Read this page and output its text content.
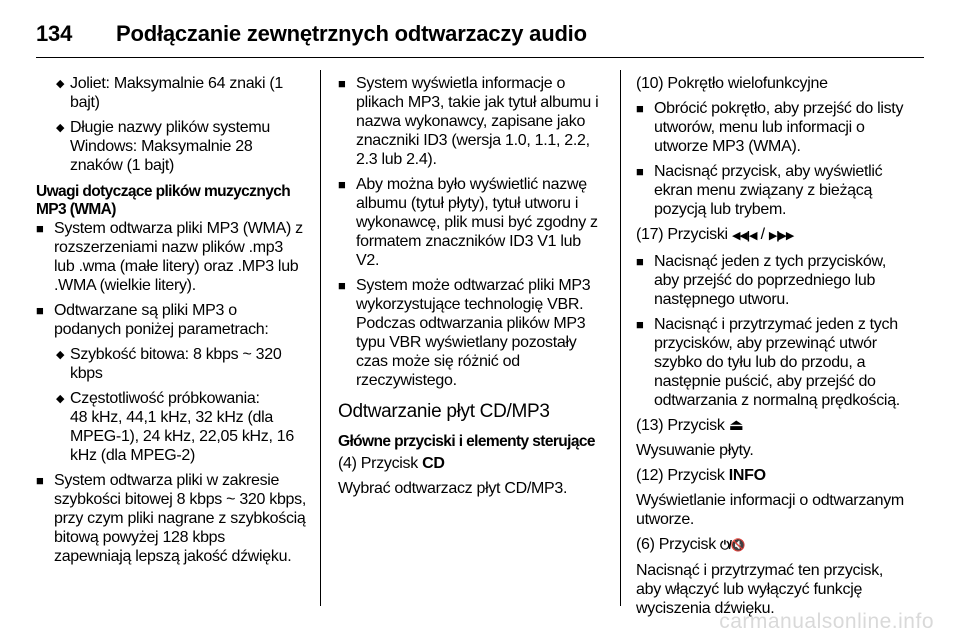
134	Podłączanie zewnętrznych odtwarzaczy audio
◆ Joliet: Maksymalnie 64 znaki (1 bajt)
◆ Długie nazwy plików systemu Windows: Maksymalnie 28 znaków (1 bajt)
Uwagi dotyczące plików muzycznych MP3 (WMA)
■ System odtwarza pliki MP3 (WMA) z rozszerzeniami nazw plików .mp3 lub .wma (małe litery) oraz .MP3 lub .WMA (wielkie litery).
■ Odtwarzane są pliki MP3 o podanych poniżej parametrach:
◆ Szybkość bitowa: 8 kbps ~ 320 kbps
◆ Częstotliwość próbkowania:
48 kHz, 44,1 kHz, 32 kHz (dla MPEG-1), 24 kHz, 22,05 kHz, 16 kHz (dla MPEG-2)
■ System odtwarza pliki w zakresie szybkości bitowej 8 kbps ~ 320 kbps, przy czym pliki nagrane z szybkością bitową powyżej 128 kbps zapewniają lepszą jakość dźwięku.
■ System wyświetla informacje o plikach MP3, takie jak tytuł albumu i nazwa wykonawcy, zapisane jako znaczniki ID3 (wersja 1.0, 1.1, 2.2, 2.3 lub 2.4).
■ Aby można było wyświetlić nazwę albumu (tytuł płyty), tytuł utworu i wykonawcę, plik musi być zgodny z formatem znaczników ID3 V1 lub V2.
■ System może odtwarzać pliki MP3 wykorzystujące technologię VBR. Podczas odtwarzania plików MP3 typu VBR wyświetlany pozostały czas może się różnić od rzeczywistego.
Odtwarzanie płyt CD/MP3
Główne przyciski i elementy sterujące
(4) Przycisk CD
Wybrać odtwarzacz płyt CD/MP3.
(10) Pokrętło wielofunkcyjne
■ Obrócić pokrętło, aby przejść do listy utworów, menu lub informacji o utworze MP3 (WMA).
■ Nacisnąć przycisk, aby wyświetlić ekran menu związany z bieżącą pozycją lub trybem.
(17) Przyciski ◀◀|◀ / ▶|▶▶
■ Nacisnąć jeden z tych przycisków, aby przejść do poprzedniego lub następnego utworu.
■ Nacisnąć i przytrzymać jeden z tych przycisków, aby przewinąć utwór szybko do tyłu lub do przodu, a następnie puścić, aby przejść do odtwarzania z normalną prędkością.
(13) Przycisk ⏏
Wysuwanie płyty.
(12) Przycisk INFO
Wyświetlanie informacji o odtwarzanym utworze.
(6) Przycisk ⏻/🔇
Nacisnąć i przytrzymać ten przycisk, aby włączyć lub wyłączyć funkcję wyciszenia dźwięku.
carmanualsonline.info
